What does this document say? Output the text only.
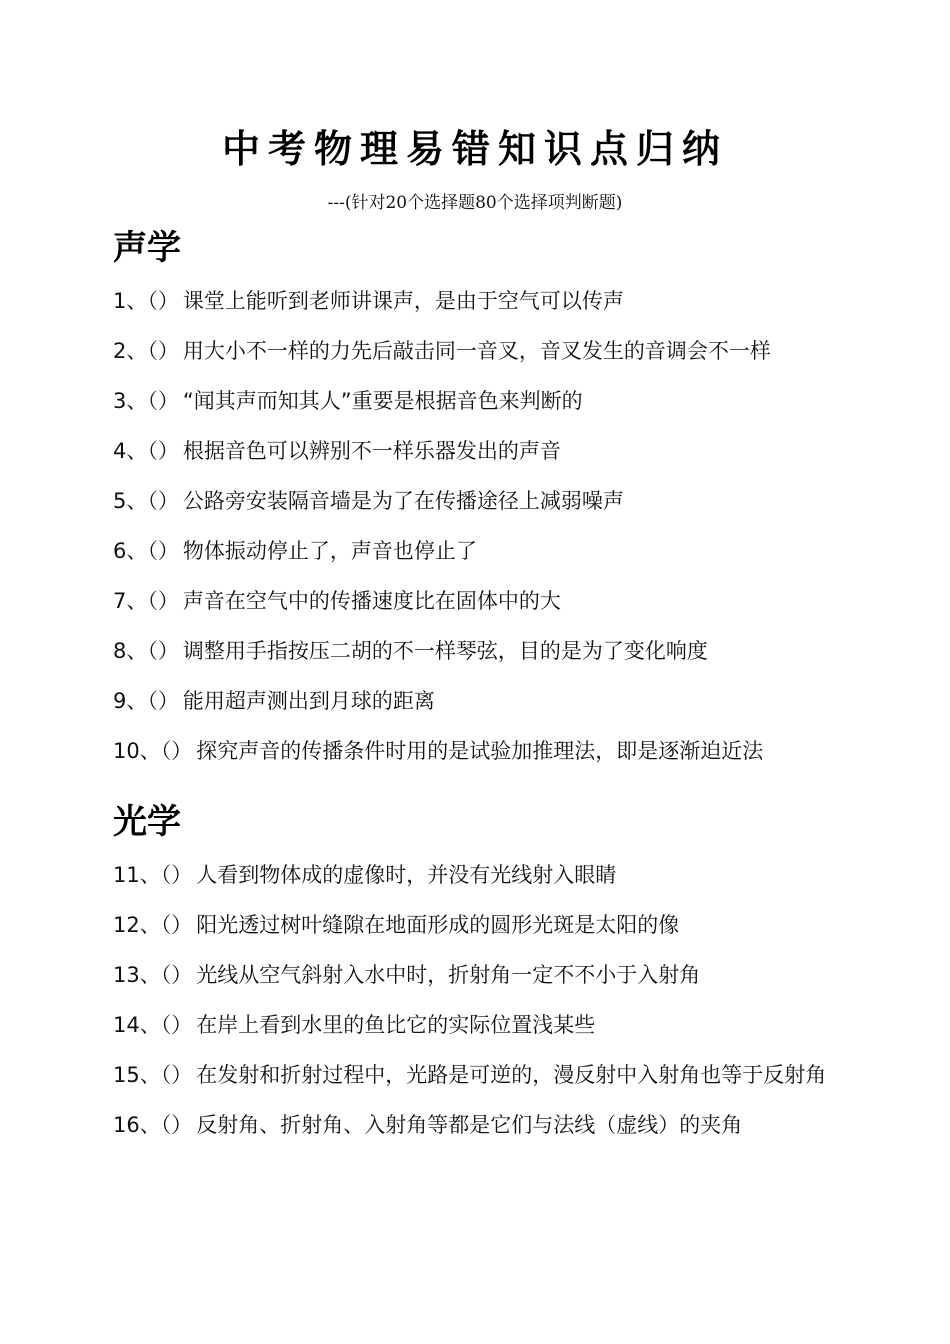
中考物理易错知识点归纳
---(针对20个选择题80个选择项判断题)
声学
1、（） 课堂上能听到老师讲课声，是由于空气可以传声
2、（） 用大小不一样的力先后敲击同一音叉，音叉发生的音调会不一样
3、（） “闻其声而知其人”重要是根据音色来判断的
4、（） 根据音色可以辨别不一样乐器发出的声音
5、（） 公路旁安装隔音墙是为了在传播途径上减弱噪声
6、（） 物体振动停止了，声音也停止了
7、（） 声音在空气中的传播速度比在固体中的大
8、（） 调整用手指按压二胡的不一样琴弦，目的是为了变化响度
9、（） 能用超声测出到月球的距离
10、（） 探究声音的传播条件时用的是试验加推理法，即是逐渐迫近法
光学
11、（） 人看到物体成的虚像时，并没有光线射入眼睛
12、（） 阳光透过树叶缝隙在地面形成的圆形光斑是太阳的像
13、（） 光线从空气斜射入水中时，折射角一定不不小于入射角
14、（） 在岸上看到水里的鱼比它的实际位置浅某些
15、（） 在发射和折射过程中，光路是可逆的，漫反射中入射角也等于反射角
16、（） 反射角、折射角、入射角等都是它们与法线（虚线）的夹角
